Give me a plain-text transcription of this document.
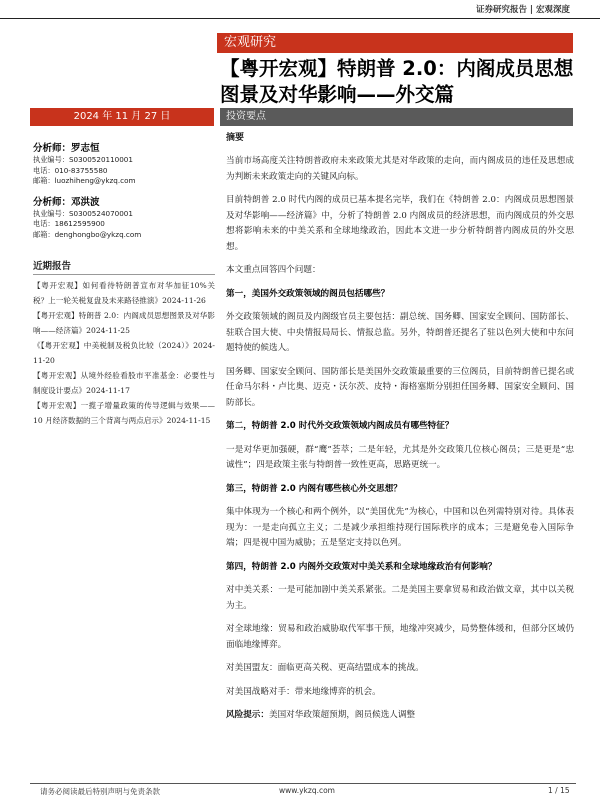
证券研究报告 | 宏观深度
宏观研究
【粤开宏观】特朗普 2.0：内阁成员思想图景及对华影响——外交篇
2024 年 11 月 27 日	投资要点
分析师：罗志恒
执业编号：S0300520110001
电话：010-83755580
邮箱：luozhiheng@ykzq.com
分析师：邓洪波
执业编号：S0300524070001
电话：18612595900
邮箱：denghongbo@ykzq.com
近期报告
【粤开宏观】如何看待特朗普宣布对华加征10%关税？上一轮关税复盘及未来路径推演》2024-11-26
【粤开宏观】特朗普 2.0：内阁成员思想图景及对华影响——经济篇》2024-11-25
《【粤开宏观】中美税制及税负比较（2024）》2024-11-20
【粤开宏观】从境外经验看股市平准基金：必要性与制度设计要点》2024-11-17
【粤开宏观】一揽子增量政策的传导逻辑与效果——10 月经济数据的三个背离与两点启示》2024-11-15
摘要

当前市场高度关注特朗普政府未来政策尤其是对华政策的走向，而内阁成员的违任及思想成为判断未来政策走向的关键风向标。

目前特朗普 2.0 时代内阁的成员已基本提名完毕，我们在《特朗普 2.0：内阁成员思想图景及对华影响——经济篇》中，分析了特朗普 2.0 内阁成员的经济思想，而内阁成员的外交思想将影响未来的中美关系和全球地缘政治，因此本文进一步分析特朗普内阁成员的外交思想。

本文重点回答四个问题：

第一，美国外交政策领域的阁员包括哪些？

外交政策领域的阁员及内阁级官员主要包括：副总统、国务卿、国家安全顾问、国防部长、驻联合国大使、中央情报局局长、情报总监。另外，特朗普还提名了驻以色列大使和中东问题特使的候选人。

国务卿、国家安全顾问、国防部长是美国外交政策最重要的三位阁员，目前特朗普已提名或任命马尔科・卢比奥、迈克・沃尔茨、皮特・海格塞斯分别担任国务卿、国家安全顾问、国防部长。

第二，特朗普 2.0 时代外交政策领域内阁成员有哪些特征？

一是对华更加强硬，群“鹰”荟萃；二是年轻，尤其是外交政策几位核心阁员；三是更是“忠诚性”；四是政策主张与特朗普一致性更高，思路更统一。

第三，特朗普 2.0 内阁有哪些核心外交思想？

集中体现为一个核心和两个例外，以“美国优先”为核心，中国和以色列需特别对待。具体表现为：一是走向孤立主义；二是减少承担维持现行国际秩序的成本；三是避免卷入国际争端；四是视中国为威胁；五是坚定支持以色列。

第四，特朗普 2.0 内阁外交政策对中美关系和全球地缘政治有何影响？

对中美关系：一是可能加剧中美关系紧张。二是美国主要拿贸易和政治做文章，其中以关税为主。

对全球地缘：贸易和政治威胁取代军事干预，地缘冲突减少，局势整体缓和，但部分区域仍面临地缘博弈。

对美国盟友：面临更高关税、更高结盟成本的挑战。

对美国战略对手：带来地缘博弈的机会。

风险提示：美国对华政策超预期，阁员候选人调整

请务必阅读最后特别声明与免责条款	www.ykzq.com	1 / 15
